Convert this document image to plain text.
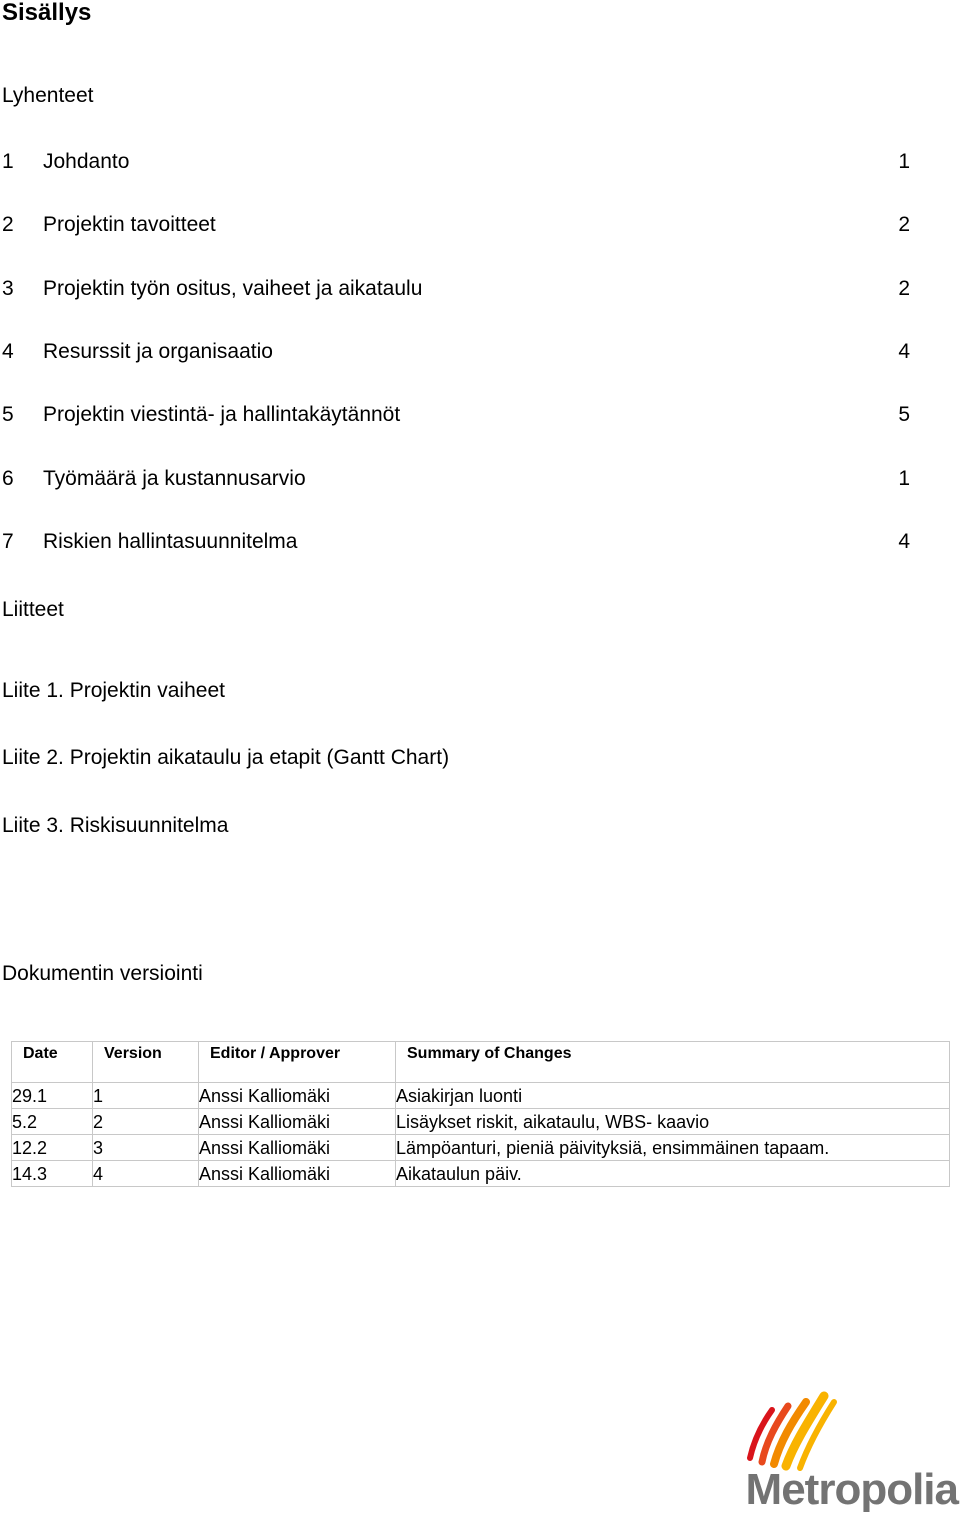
Sisällys
Lyhenteet
1 Johdanto	1
2 Projektin tavoitteet	2
3 Projektin työn ositus, vaiheet ja aikataulu	2
4 Resurssit ja organisaatio	4
5 Projektin viestintä- ja hallintakäytännöt	5
6 Työmäärä ja kustannusarvio	1
7 Riskien hallintasuunnitelma	4
Liitteet
Liite 1. Projektin vaiheet
Liite 2. Projektin aikataulu ja etapit (Gantt Chart)
Liite 3. Riskisuunnitelma
Dokumentin versiointi
Date	Version	Editor / Approver	Summary of Changes
29.1	1	Anssi Kalliomäki	Asiakirjan luonti
5.2	2	Anssi Kalliomäki	Lisäykset riskit, aikataulu, WBS- kaavio
12.2	3	Anssi Kalliomäki	Lämpöanturi, pieniä päivityksiä, ensimmäinen tapaam.
14.3	4	Anssi Kalliomäki	Aikataulun päiv.
Metropolia
